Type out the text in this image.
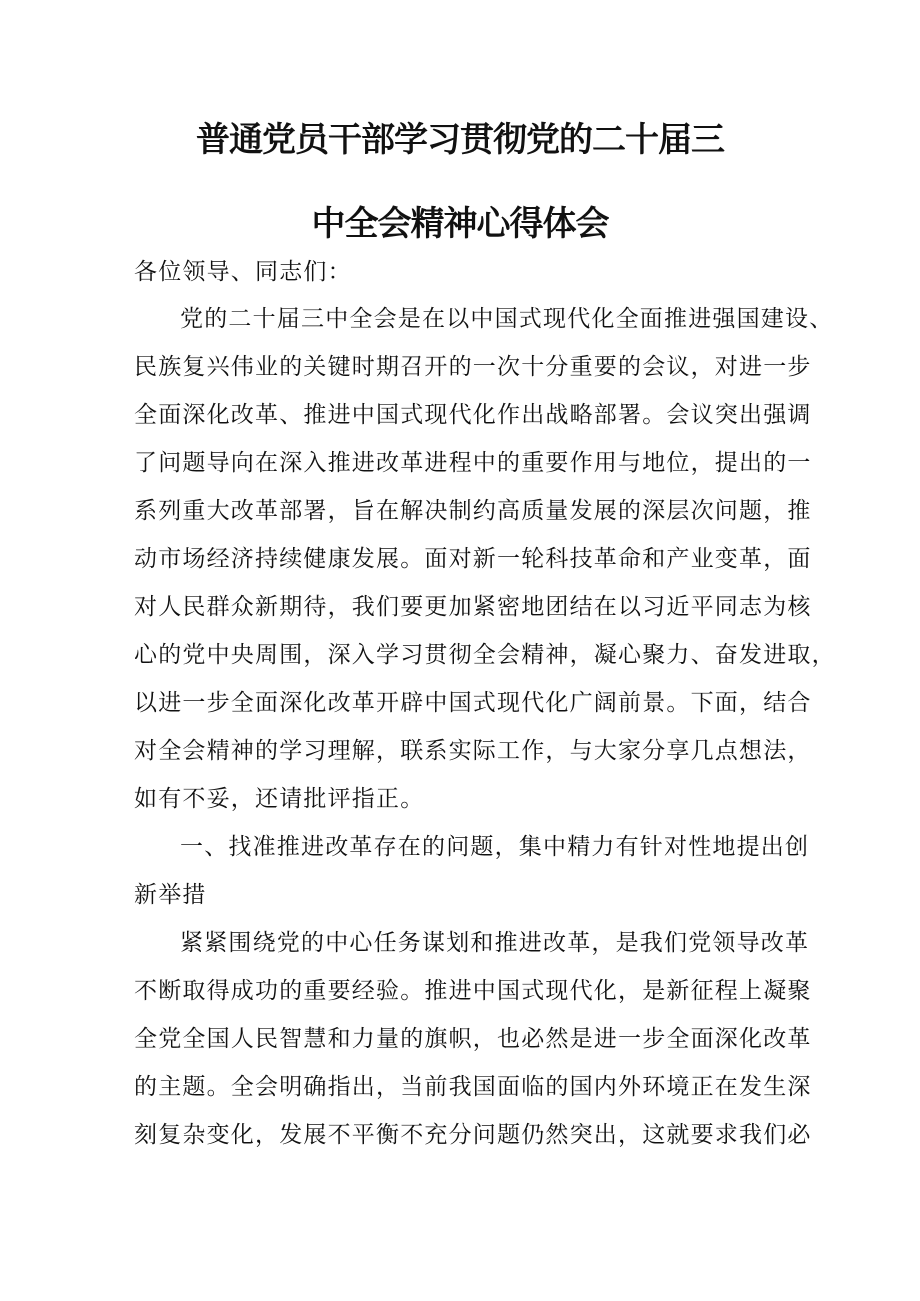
普通党员干部学习贯彻党的二十届三
中全会精神心得体会
各位领导、同志们：
党的二十届三中全会是在以中国式现代化全面推进强国建设、
民族复兴伟业的关键时期召开的一次十分重要的会议，对进一步
全面深化改革、推进中国式现代化作出战略部署。会议突出强调
了问题导向在深入推进改革进程中的重要作用与地位，提出的一
系列重大改革部署，旨在解决制约高质量发展的深层次问题，推
动市场经济持续健康发展。面对新一轮科技革命和产业变革，面
对人民群众新期待，我们要更加紧密地团结在以习近平同志为核
心的党中央周围，深入学习贯彻全会精神，凝心聚力、奋发进取，
以进一步全面深化改革开辟中国式现代化广阔前景。下面，结合
对全会精神的学习理解，联系实际工作，与大家分享几点想法，
如有不妥，还请批评指正。
一、找准推进改革存在的问题，集中精力有针对性地提出创
新举措
紧紧围绕党的中心任务谋划和推进改革，是我们党领导改革
不断取得成功的重要经验。推进中国式现代化，是新征程上凝聚
全党全国人民智慧和力量的旗帜，也必然是进一步全面深化改革
的主题。全会明确指出，当前我国面临的国内外环境正在发生深
刻复杂变化，发展不平衡不充分问题仍然突出，这就要求我们必
